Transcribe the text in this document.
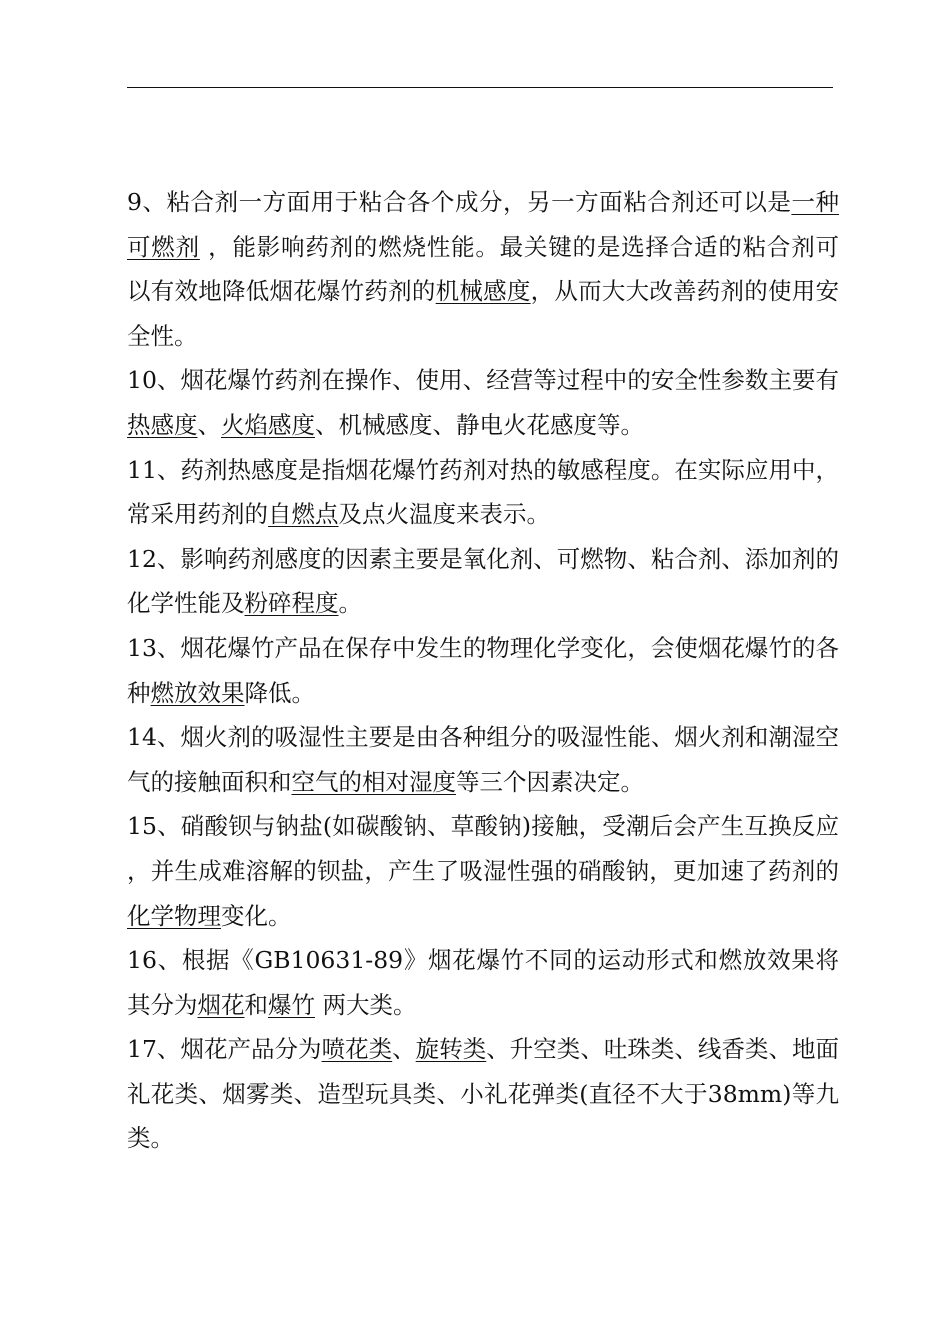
9、粘合剂一方面用于粘合各个成分，另一方面粘合剂还可以是一种可燃剂 ，能影响药剂的燃烧性能。最关键的是选择合适的粘合剂可以有效地降低烟花爆竹药剂的机械感度，从而大大改善药剂的使用安全性。

10、烟花爆竹药剂在操作、使用、经营等过程中的安全性参数主要有热感度、火焰感度、机械感度、静电火花感度等。

11、药剂热感度是指烟花爆竹药剂对热的敏感程度。在实际应用中，常采用药剂的自燃点及点火温度来表示。

12、影响药剂感度的因素主要是氧化剂、可燃物、粘合剂、添加剂的化学性能及粉碎程度。

13、烟花爆竹产品在保存中发生的物理化学变化，会使烟花爆竹的各种燃放效果降低。

14、烟火剂的吸湿性主要是由各种组分的吸湿性能、烟火剂和潮湿空气的接触面积和空气的相对湿度等三个因素决定。

15、硝酸钡与钠盐(如碳酸钠、草酸钠)接触，受潮后会产生互换反应，并生成难溶解的钡盐，产生了吸湿性强的硝酸钠，更加速了药剂的化学物理变化。

16、根据《GB10631-89》烟花爆竹不同的运动形式和燃放效果将其分为烟花和爆竹 两大类。

17、烟花产品分为喷花类、旋转类、升空类、吐珠类、线香类、地面礼花类、烟雾类、造型玩具类、小礼花弹类(直径不大于38mm)等九类。
